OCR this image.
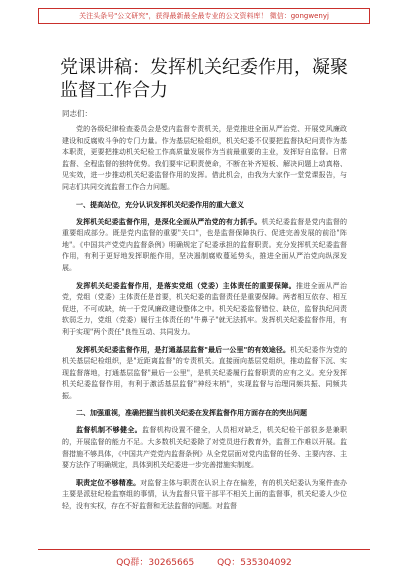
关注头条号"公文研究"，获得最新最全最专业的公文资料库！ 微信：gongwenyj
党课讲稿：发挥机关纪委作用，凝聚监督工作合力
同志们：

党的各级纪律检查委员会是党内监督专责机关，是党推进全面从严治党、开展党风廉政建设和反腐败斗争的专门力量。作为基层纪检组织，机关纪委不仅要把监督执纪问责作为基本职责，更要把推动机关纪检工作高质量发展作为当前最重要的主业，发挥好自监督。日常监督、全程监督的独特优势。我们要牢记职责使命，不断在补齐短板、解决问题上动真格、见实效，进一步推动机关纪委监督作用的发挥。借此机会，由我为大家作一堂党课报告，与同志们共同交流监督工作合力问题。

一、提高站位，充分认识发挥机关纪委作用的重大意义

发挥机关纪委监督作用，是深化全面从严治党的有力抓手。机关纪委监督是党内监督的重要组成部分。既是党内监督的重要"关口"，也是监督保障执行、促进完善发展的前沿"阵地"。《中国共产党党内监督条例》明确规定了纪委承担的监督职责。充分发挥机关纪委监督作用，有利于更好地发挥职能作用，坚决遏制腐败蔓延势头，推进全面从严治党向纵深发展。

发挥机关纪委监督作用，是落实党组（党委）主体责任的重要保障。推进全面从严治党，党组（党委）主体责任是首要，机关纪委的监督责任是重要保障。两者相互依存、相互促进，不可或缺，统一于党风廉政建设整体之中。机关纪委监督错位、缺位，监督执纪问责软弱乏力，党组（党委）履行主体责任的"牛鼻子"就无法抓牢。发挥机关纪委监督作用，有利于实现"两个责任"良性互动、共同发力。

发挥机关纪委监督作用，是打通基层监督"最后一公里"的有效途径。机关纪委作为党的机关基层纪检组织，是"近距离监督"的专责机关。直接面向基层党组织，推动监督下沉、实现监督落地，打通基层监督"最后一公里"，是机关纪委履行监督职责的应有之义。充分发挥机关纪委监督作用，有利于激活基层监督"神经末梢"，实现监督与治理同频共振、同频共振。

二、加强重视，准确把握当前机关纪委在发挥监督作用方面存在的突出问题

监督机制不够健全。监督机构设置不健全，人员相对缺乏，机关纪检干部很多是兼职的，开展监督的能力不足。大多数机关纪委除了对党员进行教育外，监督工作难以开展。监督措施不够具体，《中国共产党党内监督条例》从全党层面对党内监督的任务、主要内容、主要方法作了明确规定，具体到机关纪委进一步完善措施实制度。

职责定位不够精准。对监督主体与职责在认识上存在偏差，有的机关纪委认为案件查办主要是派驻纪检监察组的事情，认为监督只管干部平不相关上面的监督事，机关纪委人少位轻，没有实权，存在不好监督和无法监督的问题。对监督

QQ群：30265665	QQ：535304092
